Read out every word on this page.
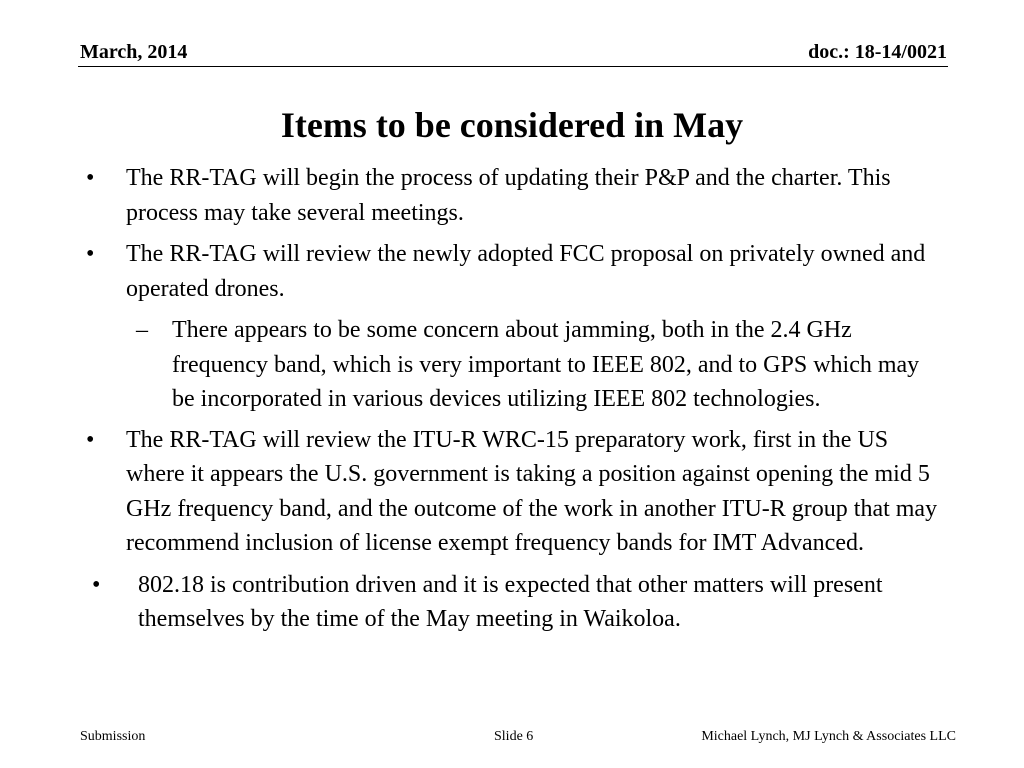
March, 2014	doc.: 18-14/0021
Items to be considered in May
• The RR-TAG will begin the process of updating their P&P and the charter. This process may take several meetings.
• The RR-TAG will review the newly adopted FCC proposal on privately owned and operated drones.
– There appears to be some concern about jamming, both in the 2.4 GHz frequency band, which is very important to IEEE 802, and to GPS which may be incorporated in various devices utilizing IEEE 802 technologies.
• The RR-TAG will review the ITU-R WRC-15 preparatory work, first in the US where it appears the U.S. government is taking a position against opening the mid 5 GHz frequency band, and the outcome of the work in another ITU-R group that may recommend inclusion of license exempt frequency bands for IMT Advanced.
• 802.18 is contribution driven and it is expected that other matters will present themselves by the time of the May meeting in Waikoloa.
Submission	Slide 6	Michael Lynch, MJ Lynch & Associates LLC
